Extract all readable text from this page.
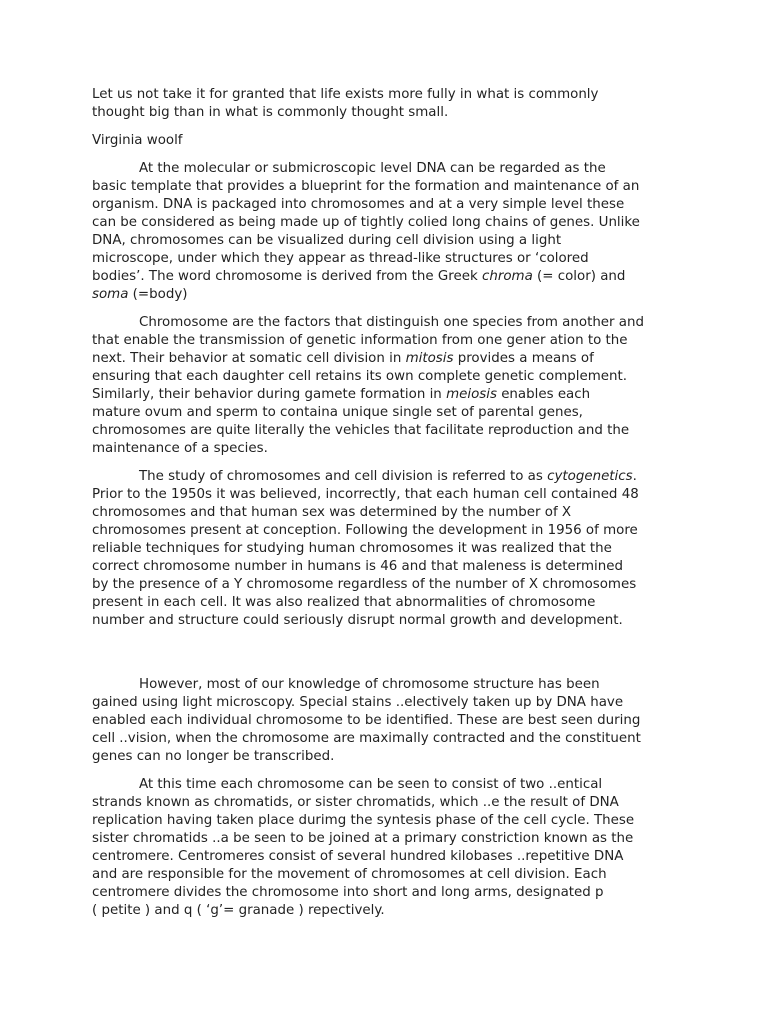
Let us not take it for granted that life exists more fully in what is commonly
thought big than in what is commonly thought small.
Virginia woolf
At the molecular or submicroscopic level DNA can be regarded as the
basic template that provides a blueprint for the formation and maintenance of an
organism. DNA is packaged into chromosomes and at a very simple level these
can be considered as being made up of tightly colied long chains of genes. Unlike
DNA, chromosomes can be visualized during cell division using a light
microscope, under which they appear as thread-like structures or ‘colored
bodies’. The word chromosome is derived from the Greek chroma (= color) and
soma (=body)
Chromosome are the factors that distinguish one species from another and
that enable the transmission of genetic information from one gener ation to the
next. Their behavior at somatic cell division in mitosis provides a means of
ensuring that each daughter cell retains its own complete genetic complement.
Similarly, their behavior during gamete formation in meiosis enables each
mature ovum and sperm to containa unique single set of parental genes,
chromosomes are quite literally the vehicles that facilitate reproduction and the
maintenance of a species.
The study of chromosomes and cell division is referred to as cytogenetics.
Prior to the 1950s it was believed, incorrectly, that each human cell contained 48
chromosomes and that human sex was determined by the number of X
chromosomes present at conception. Following the development in 1956 of more
reliable techniques for studying human chromosomes it was realized that the
correct chromosome number in humans is 46 and that maleness is determined
by the presence of a Y chromosome regardless of the number of X chromosomes
present in each cell. It was also realized that abnormalities of chromosome
number and structure could seriously disrupt normal growth and development.
However, most of our knowledge of chromosome structure has been
gained using light microscopy. Special stains ..electively taken up by DNA have
enabled each individual chromosome to be identified. These are best seen during
cell ..vision, when the chromosome are maximally contracted and the constituent
genes can no longer be transcribed.
At this time each chromosome can be seen to consist of two ..entical
strands known as chromatids, or sister chromatids, which ..e the result of DNA
replication having taken place durimg the syntesis phase of the cell cycle. These
sister chromatids ..a be seen to be joined at a primary constriction known as the
centromere. Centromeres consist of several hundred kilobases ..repetitive DNA
and are responsible for the movement of chromosomes at cell division. Each
centromere divides the chromosome into short and long arms, designated p
( petite ) and q ( ‘g’= granade ) repectively.
